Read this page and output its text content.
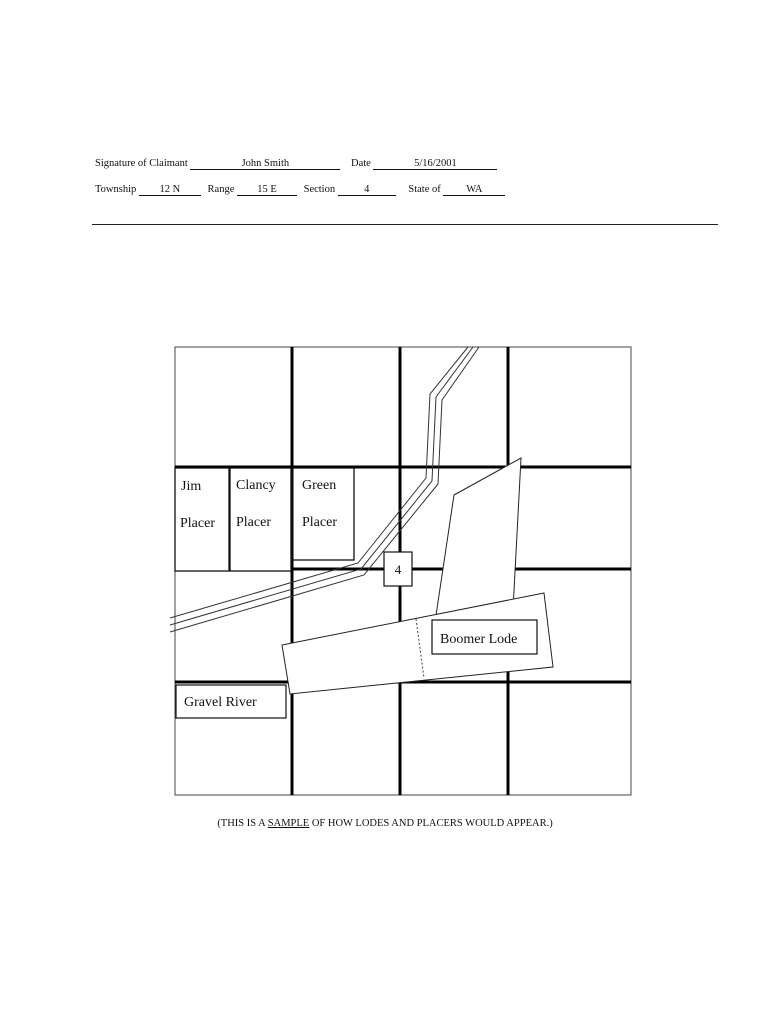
Signature of Claimant	John Smith	Date	5/16/2001
Township 12 N	Range 15 E	Section	4	State of WA
Jim
Placer
Clancy
Placer
Green
Placer
Boomer Lode
4
Gravel River
(THIS IS A SAMPLE OF HOW LODES AND PLACERS WOULD APPEAR.)
